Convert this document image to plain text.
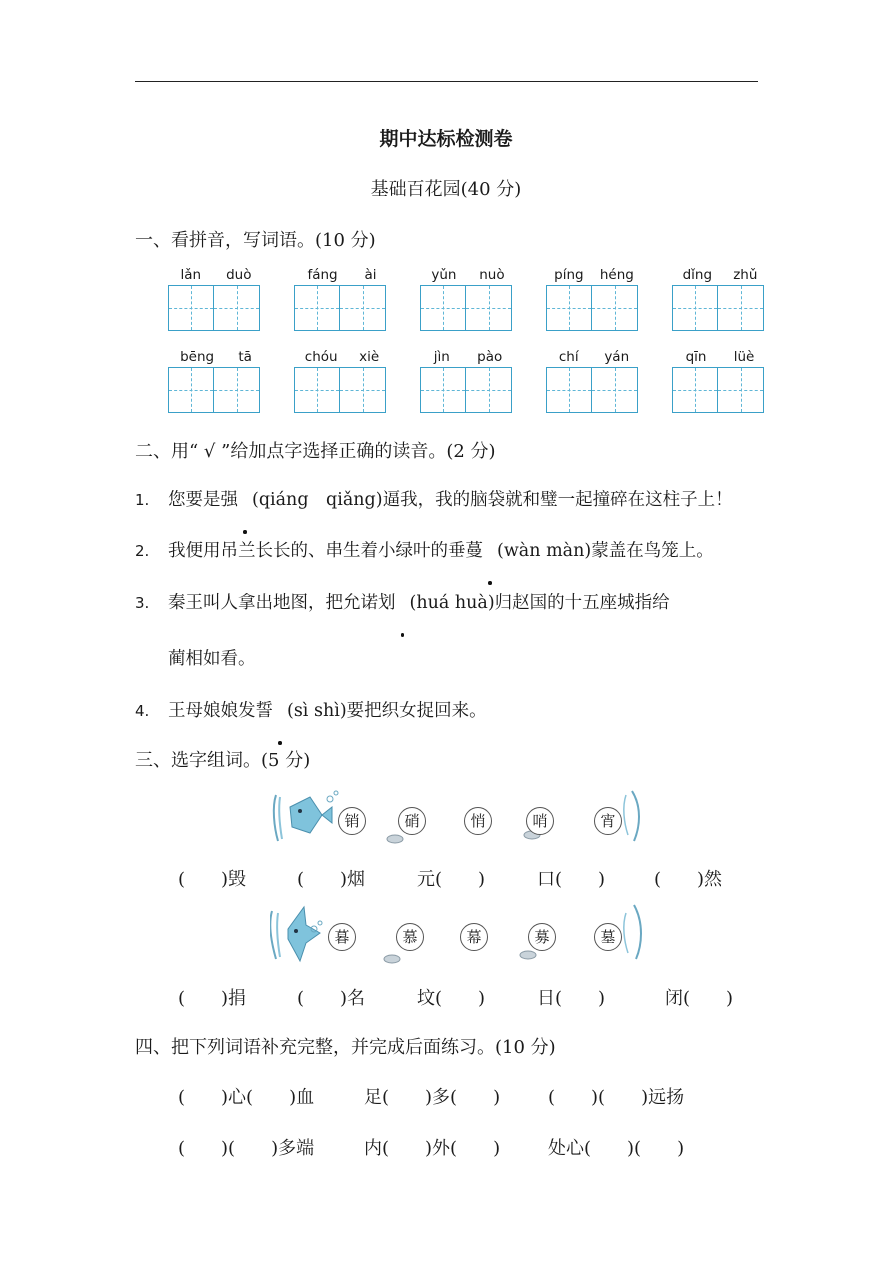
期中达标检测卷
基础百花园(40 分)
一、看拼音，写词语。(10 分)
lǎn duò	fáng ài	yǔn nuò	píng héng	dǐng zhǔ
bēng tā	chóu xiè	jìn pào	chí yán	qīn lüè
二、用“ √ ”给加点字选择正确的读音。(2 分)
1. 您要是强 (qiáng　qiǎng)逼我，我的脑袋就和璧一起撞碎在这柱子上！
2. 我便用吊兰长长的、串生着小绿叶的垂蔓 (wàn màn)蒙盖在鸟笼上。
3. 秦王叫人拿出地图，把允诺划 (huá huà)归赵国的十五座城指给
蔺相如看。
4. 王母娘娘发誓 (sì shì)要把织女捉回来。
三、选字组词。(5 分)
销	硝	悄	哨	宵
(　　)毁	(　　)烟	元(　　)	口(　　)	(　　)然
暮	慕	幕	募	墓
(　　)捐	(　　)名	坟(　　)	日(　　)	闭(　　)
四、把下列词语补充完整，并完成后面练习。(10 分)
(　　)心(　　)血	足(　　)多(　　)	(　　)(　　)远扬
(　　)(　　)多端	内(　　)外(　　)	处心(　　)(　　)
